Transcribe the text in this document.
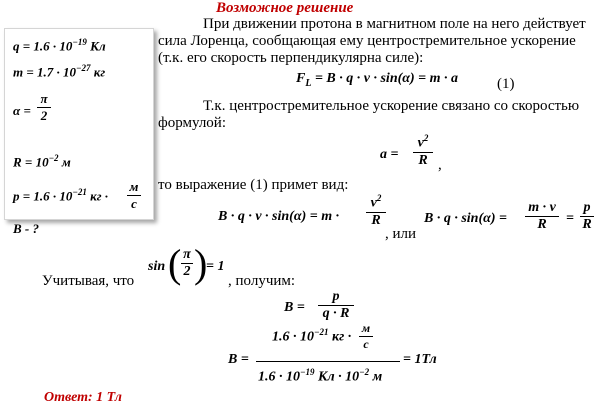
Возможное решение
$q = 1.6 \cdot 10^{-19}$ Кл
$m = 1.7 \cdot 10^{-27}$ кг
α =
π
2
$R = 10^{-2}$ м
$p = 1.6 \cdot 10^{-21}$ кг ·
м
с
B - ?
При движении протона в магнитном поле на него действует
сила Лоренца, сообщающая ему центростремительное ускорение
(т.к. его скорость перпендикулярна силе):
$F_L = B \cdot q \cdot v \cdot \sin(\alpha) = m \cdot a$	(1)
Т.к. центростремительное ускорение связано со скоростью
формулой:
a =
$v^2$
R ,
то выражение (1) примет вид:
B · q · v · sin(α) = m ·
$v^2$
R
, или
B · q · sin(α) =
m · v
R	=
p
R
Учитывая, что
sin ( π
2 )
= 1
, получим:
B =
p
q · R
B =
$1.6 \cdot 10^{-21}$ кг ·
м
с
$1.6 \cdot 10^{-19}$ Кл · $10^{-2}$ м
= 1Тл
Ответ: 1 Тл
